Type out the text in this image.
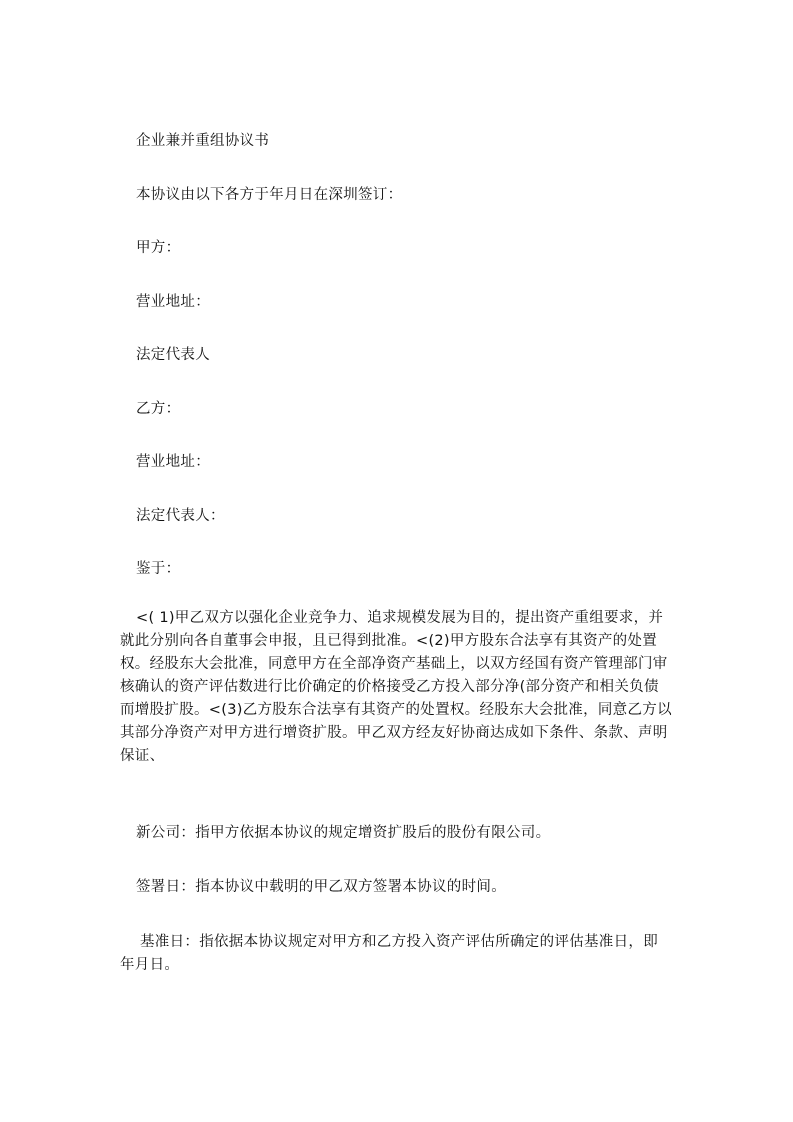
企业兼并重组协议书
本协议由以下各方于年月日在深圳签订：
甲方：
营业地址：
法定代表人
乙方：
营业地址：
法定代表人：
鉴于：
<( 1)甲乙双方以强化企业竞争力、追求规模发展为目的，提出资产重组要求，并
就此分别向各自董事会申报，且已得到批准。<(2)甲方股东合法享有其资产的处置
权。经股东大会批准，同意甲方在全部净资产基础上，以双方经国有资产管理部门审
核确认的资产评估数进行比价确定的价格接受乙方投入部分净(部分资产和相关负债
而增股扩股。<(3)乙方股东合法享有其资产的处置权。经股东大会批准，同意乙方以
其部分净资产对甲方进行增资扩股。甲乙双方经友好协商达成如下条件、条款、声明
保证、
新公司：指甲方依据本协议的规定增资扩股后的股份有限公司。
签署日：指本协议中载明的甲乙双方签署本协议的时间。
基准日：指依据本协议规定对甲方和乙方投入资产评估所确定的评估基准日，即
年月日。
